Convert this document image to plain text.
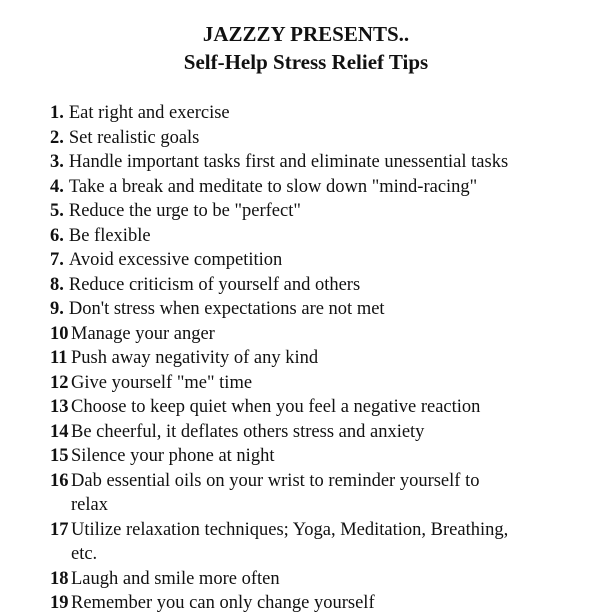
JAZZZY PRESENTS..
Self-Help Stress Relief Tips
1. Eat right and exercise
2. Set realistic goals
3. Handle important tasks first and eliminate unessential tasks
4. Take a break and meditate to slow down "mind-racing"
5. Reduce the urge to be "perfect"
6. Be flexible
7. Avoid excessive competition
8. Reduce criticism of yourself and others
9. Don't stress when expectations are not met
10 Manage your anger
11 Push away negativity of any kind
12 Give yourself "me" time
13 Choose to keep quiet when you feel a negative reaction
14 Be cheerful, it deflates others stress and anxiety
15 Silence your phone at night
16 Dab essential oils on your wrist to reminder yourself to
relax
17 Utilize relaxation techniques; Yoga, Meditation, Breathing,
etc.
18 Laugh and smile more often
19 Remember you can only change yourself
